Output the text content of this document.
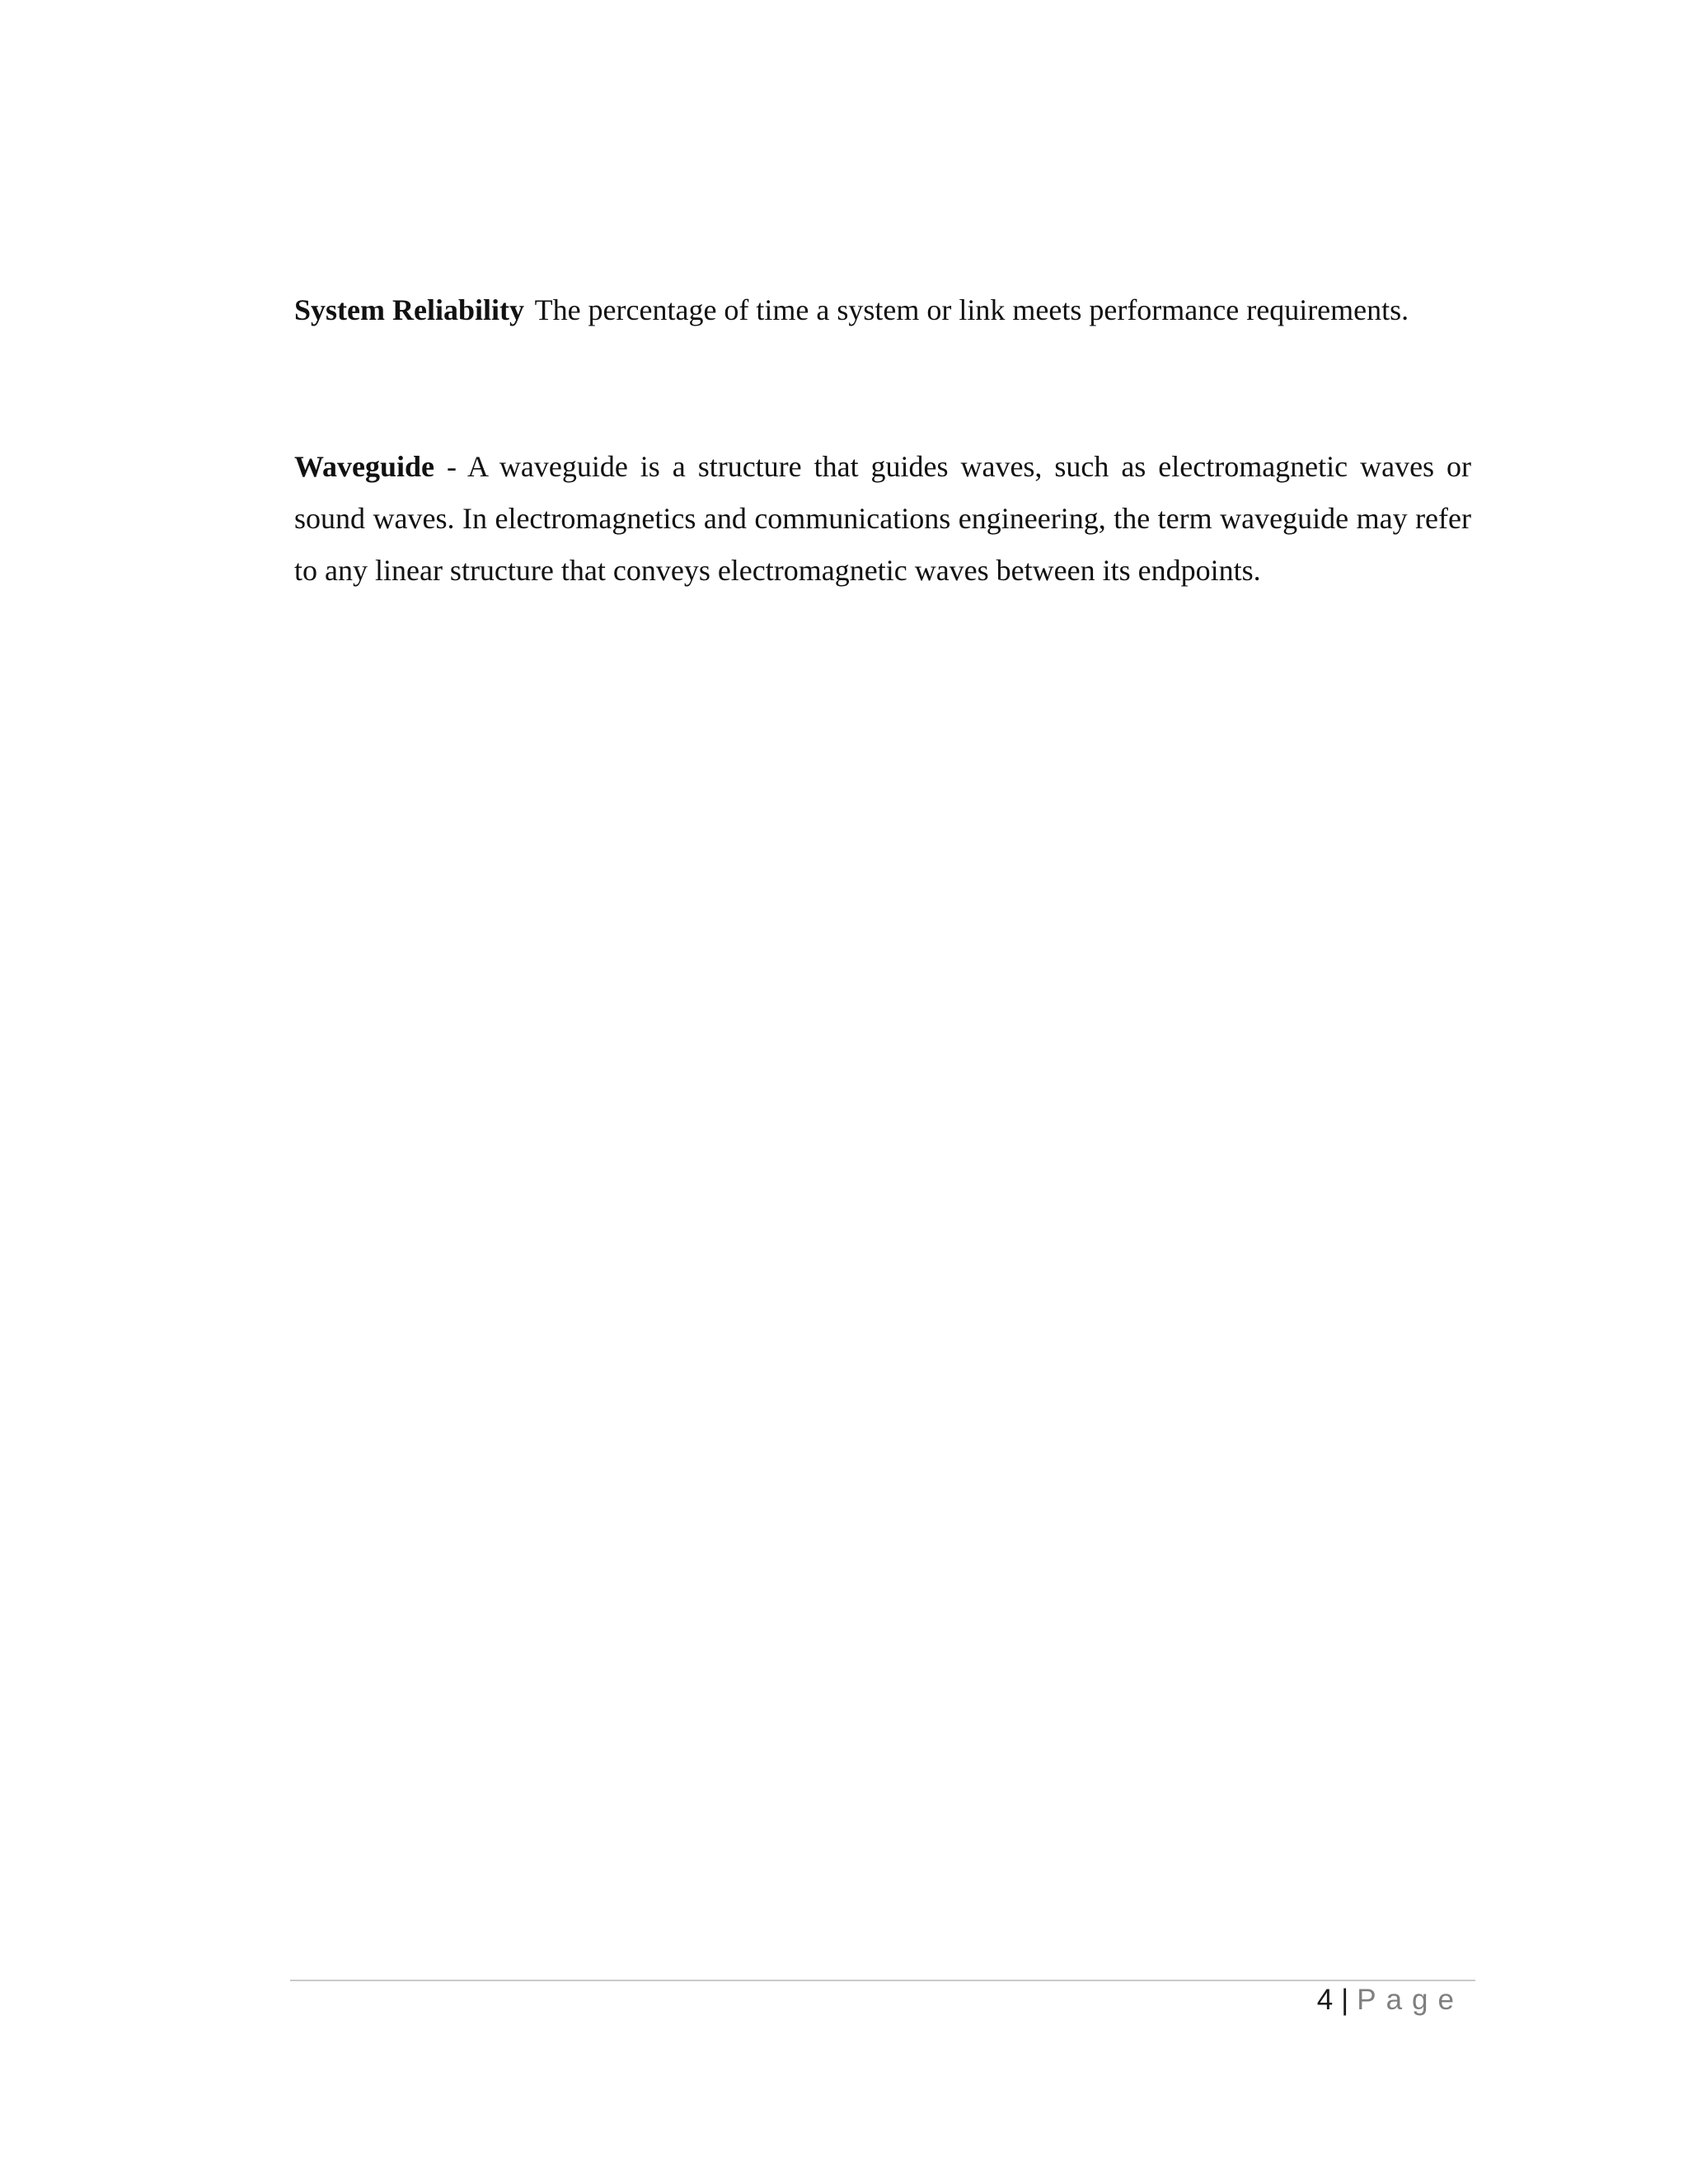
System Reliability The percentage of time a system or link meets performance requirements.

Waveguide - A waveguide is a structure that guides waves, such as electromagnetic waves or sound waves. In electromagnetics and communications engineering, the term waveguide may refer to any linear structure that conveys electromagnetic waves between its endpoints.

4 | Page
